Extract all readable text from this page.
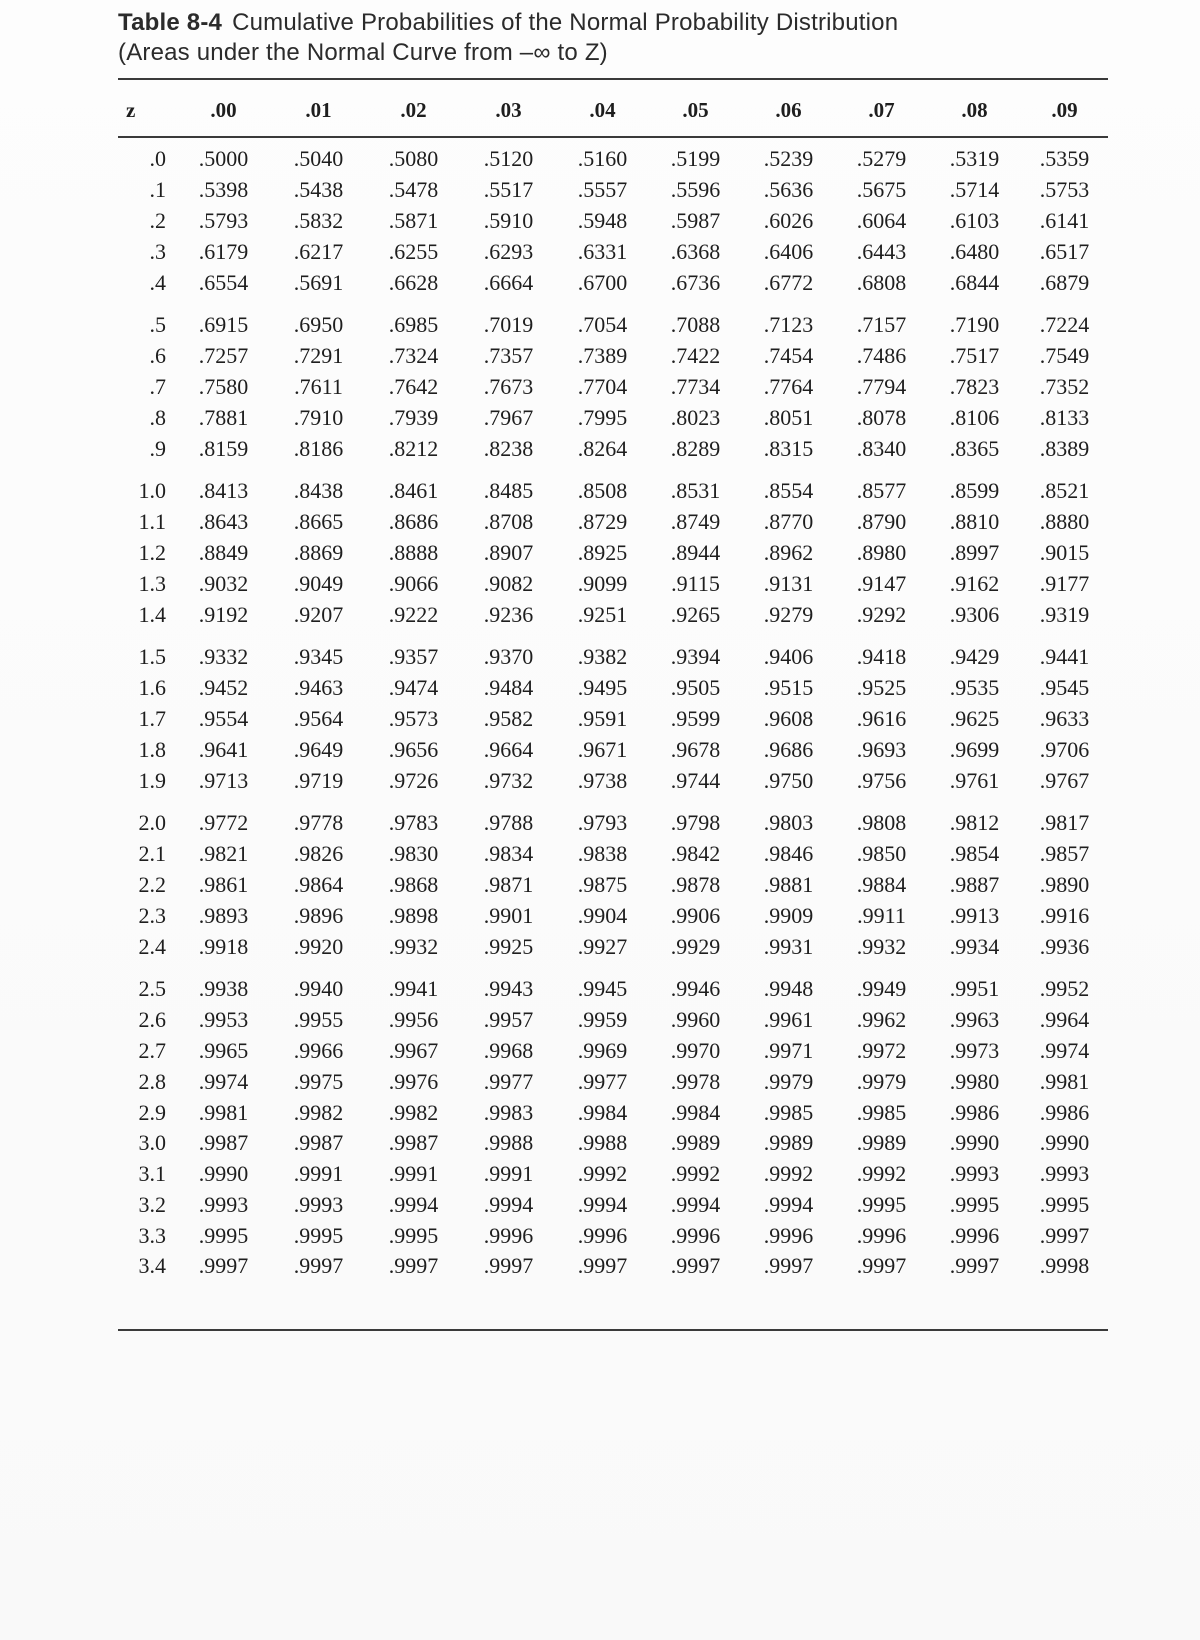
Table 8-4 Cumulative Probabilities of the Normal Probability Distribution
(Areas under the Normal Curve from –∞ to Z)
z	.00	.01	.02	.03	.04	.05	.06	.07	.08	.09
.0	.5000	.5040	.5080	.5120	.5160	.5199	.5239	.5279	.5319	.5359
.1	.5398	.5438	.5478	.5517	.5557	.5596	.5636	.5675	.5714	.5753
.2	.5793	.5832	.5871	.5910	.5948	.5987	.6026	.6064	.6103	.6141
.3	.6179	.6217	.6255	.6293	.6331	.6368	.6406	.6443	.6480	.6517
.4	.6554	.5691	.6628	.6664	.6700	.6736	.6772	.6808	.6844	.6879
.5	.6915	.6950	.6985	.7019	.7054	.7088	.7123	.7157	.7190	.7224
.6	.7257	.7291	.7324	.7357	.7389	.7422	.7454	.7486	.7517	.7549
.7	.7580	.7611	.7642	.7673	.7704	.7734	.7764	.7794	.7823	.7352
.8	.7881	.7910	.7939	.7967	.7995	.8023	.8051	.8078	.8106	.8133
.9	.8159	.8186	.8212	.8238	.8264	.8289	.8315	.8340	.8365	.8389
1.0	.8413	.8438	.8461	.8485	.8508	.8531	.8554	.8577	.8599	.8521
1.1	.8643	.8665	.8686	.8708	.8729	.8749	.8770	.8790	.8810	.8880
1.2	.8849	.8869	.8888	.8907	.8925	.8944	.8962	.8980	.8997	.9015
1.3	.9032	.9049	.9066	.9082	.9099	.9115	.9131	.9147	.9162	.9177
1.4	.9192	.9207	.9222	.9236	.9251	.9265	.9279	.9292	.9306	.9319
1.5	.9332	.9345	.9357	.9370	.9382	.9394	.9406	.9418	.9429	.9441
1.6	.9452	.9463	.9474	.9484	.9495	.9505	.9515	.9525	.9535	.9545
1.7	.9554	.9564	.9573	.9582	.9591	.9599	.9608	.9616	.9625	.9633
1.8	.9641	.9649	.9656	.9664	.9671	.9678	.9686	.9693	.9699	.9706
1.9	.9713	.9719	.9726	.9732	.9738	.9744	.9750	.9756	.9761	.9767
2.0	.9772	.9778	.9783	.9788	.9793	.9798	.9803	.9808	.9812	.9817
2.1	.9821	.9826	.9830	.9834	.9838	.9842	.9846	.9850	.9854	.9857
2.2	.9861	.9864	.9868	.9871	.9875	.9878	.9881	.9884	.9887	.9890
2.3	.9893	.9896	.9898	.9901	.9904	.9906	.9909	.9911	.9913	.9916
2.4	.9918	.9920	.9932	.9925	.9927	.9929	.9931	.9932	.9934	.9936
2.5	.9938	.9940	.9941	.9943	.9945	.9946	.9948	.9949	.9951	.9952
2.6	.9953	.9955	.9956	.9957	.9959	.9960	.9961	.9962	.9963	.9964
2.7	.9965	.9966	.9967	.9968	.9969	.9970	.9971	.9972	.9973	.9974
2.8	.9974	.9975	.9976	.9977	.9977	.9978	.9979	.9979	.9980	.9981
2.9	.9981	.9982	.9982	.9983	.9984	.9984	.9985	.9985	.9986	.9986
3.0	.9987	.9987	.9987	.9988	.9988	.9989	.9989	.9989	.9990	.9990
3.1	.9990	.9991	.9991	.9991	.9992	.9992	.9992	.9992	.9993	.9993
3.2	.9993	.9993	.9994	.9994	.9994	.9994	.9994	.9995	.9995	.9995
3.3	.9995	.9995	.9995	.9996	.9996	.9996	.9996	.9996	.9996	.9997
3.4	.9997	.9997	.9997	.9997	.9997	.9997	.9997	.9997	.9997	.9998
